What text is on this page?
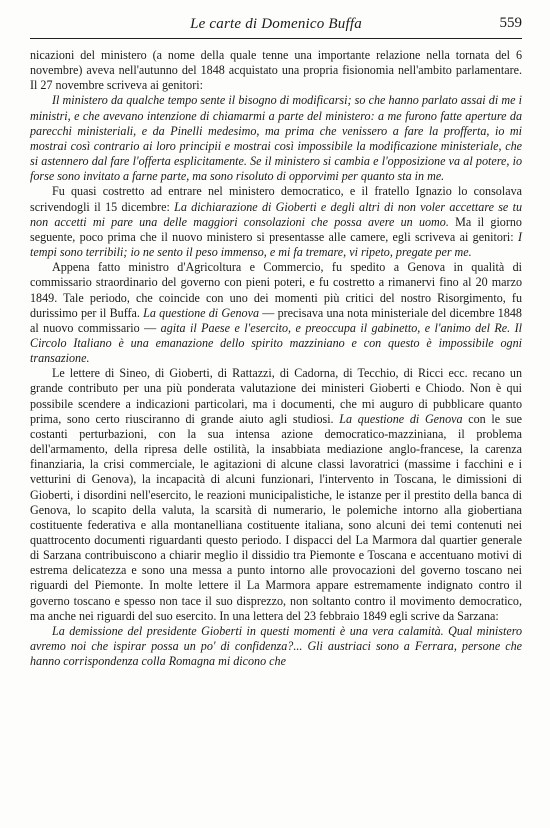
Le carte di Domenico Buffa	559

nicazioni del ministero (a nome della quale tenne una importante relazione nella tornata del 6 novembre) aveva nell'autunno del 1848 acquistato una propria fisionomia nell'ambito parlamentare. Il 27 novembre scriveva ai genitori:

Il ministero da qualche tempo sente il bisogno di modificarsi; so che hanno parlato assai di me i ministri, e che avevano intenzione di chiamarmi a parte del ministero: a me furono fatte aperture da parecchi ministeriali, e da Pinelli medesimo, ma prima che venissero a fare la profferta, io mi mostrai così contrario ai loro principii e mostrai così impossibile la modificazione ministeriale, che si astennero dal fare l'offerta esplicitamente. Se il ministero si cambia e l'opposizione va al potere, io forse sono invitato a farne parte, ma sono risoluto di opporvimi per quanto sta in me.

Fu quasi costretto ad entrare nel ministero democratico, e il fratello Ignazio lo consolava scrivendogli il 15 dicembre: La dichiarazione di Gioberti e degli altri di non voler accettare se tu non accetti mi pare una delle maggiori consolazioni che possa avere un uomo. Ma il giorno seguente, poco prima che il nuovo ministero si presentasse alle camere, egli scriveva ai genitori: I tempi sono terribili; io ne sento il peso immenso, e mi fa tremare, vi ripeto, pregate per me.

Appena fatto ministro d'Agricoltura e Commercio, fu spedito a Genova in qualità di commissario straordinario del governo con pieni poteri, e fu costretto a rimanervi fino al 20 marzo 1849. Tale periodo, che coincide con uno dei momenti più critici del nostro Risorgimento, fu durissimo per il Buffa. La questione di Genova — precisava una nota ministeriale del dicembre 1848 al nuovo commissario — agita il Paese e l'esercito, e preoccupa il gabinetto, e l'animo del Re. Il Circolo Italiano è una emanazione dello spirito mazziniano e con questo è impossibile ogni transazione.

Le lettere di Sineo, di Gioberti, di Rattazzi, di Cadorna, di Tecchio, di Ricci ecc. recano un grande contributo per una più ponderata valutazione dei ministeri Gioberti e Chiodo. Non è qui possibile scendere a indicazioni particolari, ma i documenti, che mi auguro di pubblicare quanto prima, sono certo riusciranno di grande aiuto agli studiosi. La questione di Genova con le sue costanti perturbazioni, con la sua intensa azione democratico-mazziniana, il problema dell'armamento, della ripresa delle ostilità, la insabbiata mediazione anglo-francese, la carenza finanziaria, la crisi commerciale, le agitazioni di alcune classi lavoratrici (massime i facchini e i vetturini di Genova), la incapacità di alcuni funzionari, l'intervento in Toscana, le dimissioni di Gioberti, i disordini nell'esercito, le reazioni municipalistiche, le istanze per il prestito della banca di Genova, lo scapito della valuta, la scarsità di numerario, le polemiche intorno alla giobertiana costituente federativa e alla montanelliana costituente italiana, sono alcuni dei temi contenuti nei quattrocento documenti riguardanti questo periodo. I dispacci del La Marmora dal quartier generale di Sarzana contribuiscono a chiarir meglio il dissidio tra Piemonte e Toscana e accentuano motivi di estrema delicatezza e sono una messa a punto intorno alle provocazioni del governo toscano nei riguardi del Piemonte. In molte lettere il La Marmora appare estremamente indignato contro il governo toscano e spesso non tace il suo disprezzo, non soltanto contro il movimento democratico, ma anche nei riguardi del suo esercito. In una lettera del 23 febbraio 1849 egli scrive da Sarzana:

La demissione del presidente Gioberti in questi momenti è una vera calamità. Qual ministero avremo noi che ispirar possa un po' di confidenza?... Gli austriaci sono a Ferrara, persone che hanno corrispondenza colla Romagna mi dicono che
